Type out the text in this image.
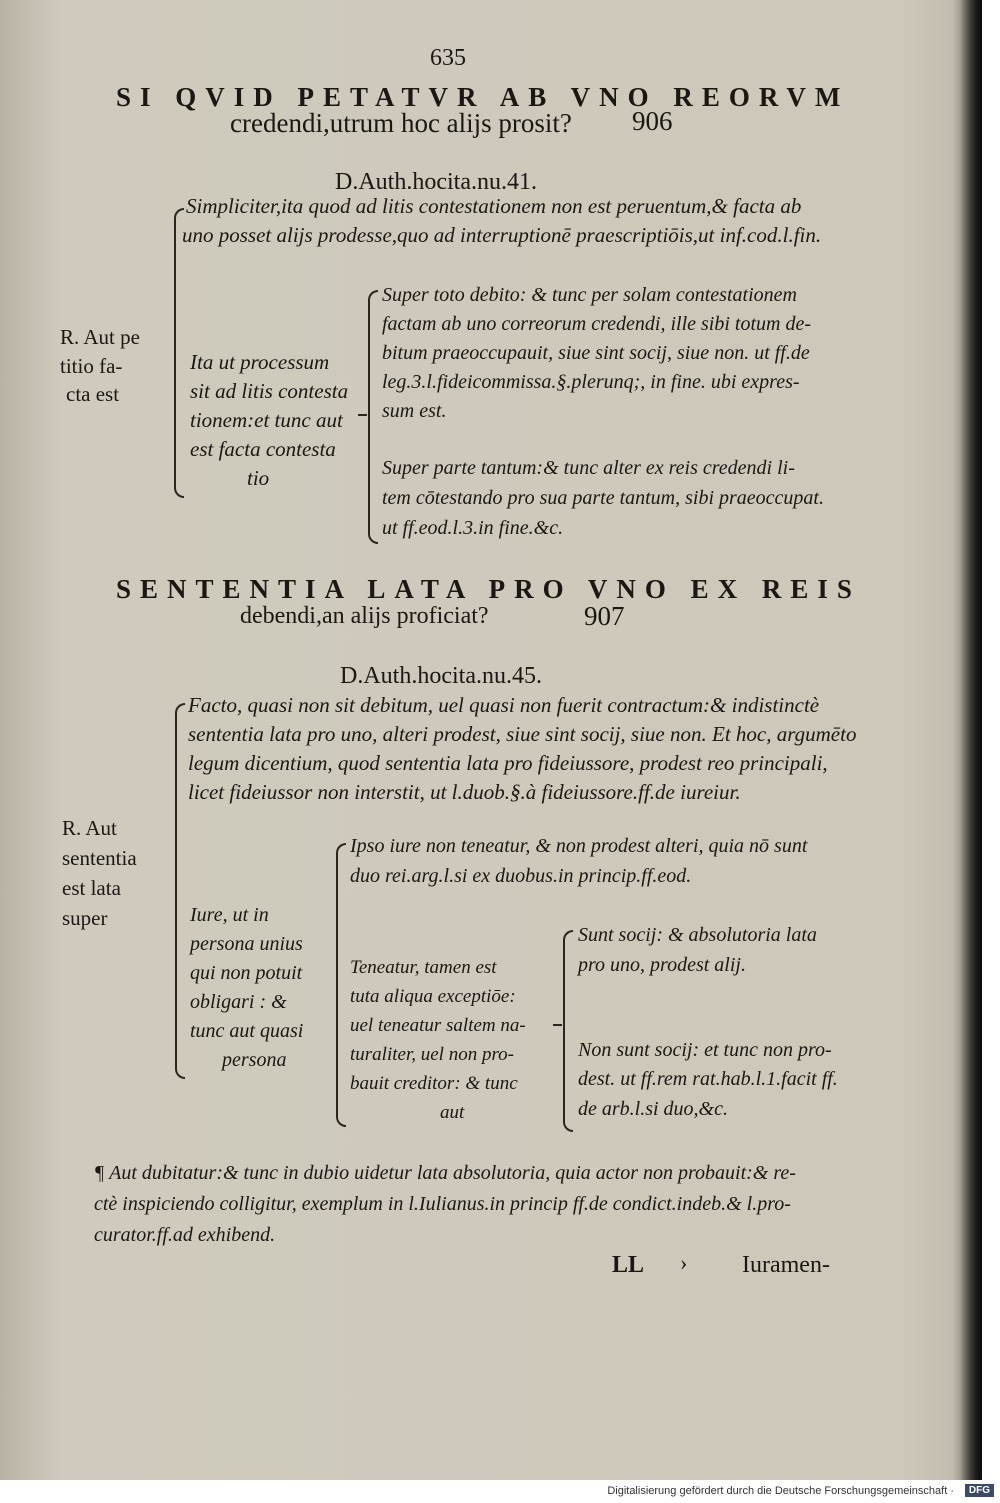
635
SI QVID PETATVR AB VNO REORVM
credendi,utrum hoc alijs prosit? 906
D.Auth.hocita.nu.41.
Simpliciter,ita quod ad litis contestationem non est peruentum,& facta ab
uno posset alijs prodesse,quo ad interruptionē praescriptiōis,ut inf.cod.l.fin.
R. Aut pe
titio fa-
cta est
Ita ut processum
sit ad litis contesta
tionem:et tunc aut
est facta contesta
tio
Super toto debito: & tunc per solam contestationem
factam ab uno correorum credendi, ille sibi totum de-
bitum praeoccupauit, siue sint socij, siue non. ut ff.de
leg.3.l.fideicommissa.§.plerunq;, in fine. ubi expres-
sum est.
Super parte tantum:& tunc alter ex reis credendi li-
tem cōtestando pro sua parte tantum, sibi praeoccupat.
ut ff.eod.l.3.in fine.&c.
SENTENTIA LATA PRO VNO EX REIS
debendi,an alijs proficiat?	907
D.Auth.hocita.nu.45.
Facto, quasi non sit debitum, uel quasi non fuerit contractum:& indistinctè
sententia lata pro uno, alteri prodest, siue sint socij, siue non. Et hoc, argumēto
legum dicentium, quod sententia lata pro fideiussore, prodest reo principali,
licet fideiussor non interstit, ut l.duob.§.à fideiussore.ff.de iureiur.
R. Aut
sententia
est lata
super	Iure, ut in
persona unius
qui non potuit
obligari : &
tunc aut quasi
persona
Ipso iure non teneatur, & non prodest alteri, quia nō sunt
duo rei.arg.l.si ex duobus.in princip.ff.eod.
Teneatur, tamen est
tuta aliqua exceptiōe:
uel teneatur saltem na-
turaliter, uel non pro-
bauit creditor: & tunc
aut
Sunt socij: & absolutoria lata
pro uno, prodest alij.
Non sunt socij: et tunc non pro-
dest. ut ff.rem rat.hab.l.1.facit ff.
de arb.l.si duo,&c.
¶ Aut dubitatur:& tunc in dubio uidetur lata absolutoria, quia actor non probauit:& re-
ctè inspiciendo colligitur, exemplum in l.Iulianus.in princip ff.de condict.indeb.& l.pro-
curator.ff.ad exhibend.
LL › Iuramen-
Digitalisierung gefördert durch die Deutsche Forschungsgemeinschaft ·	DFG
